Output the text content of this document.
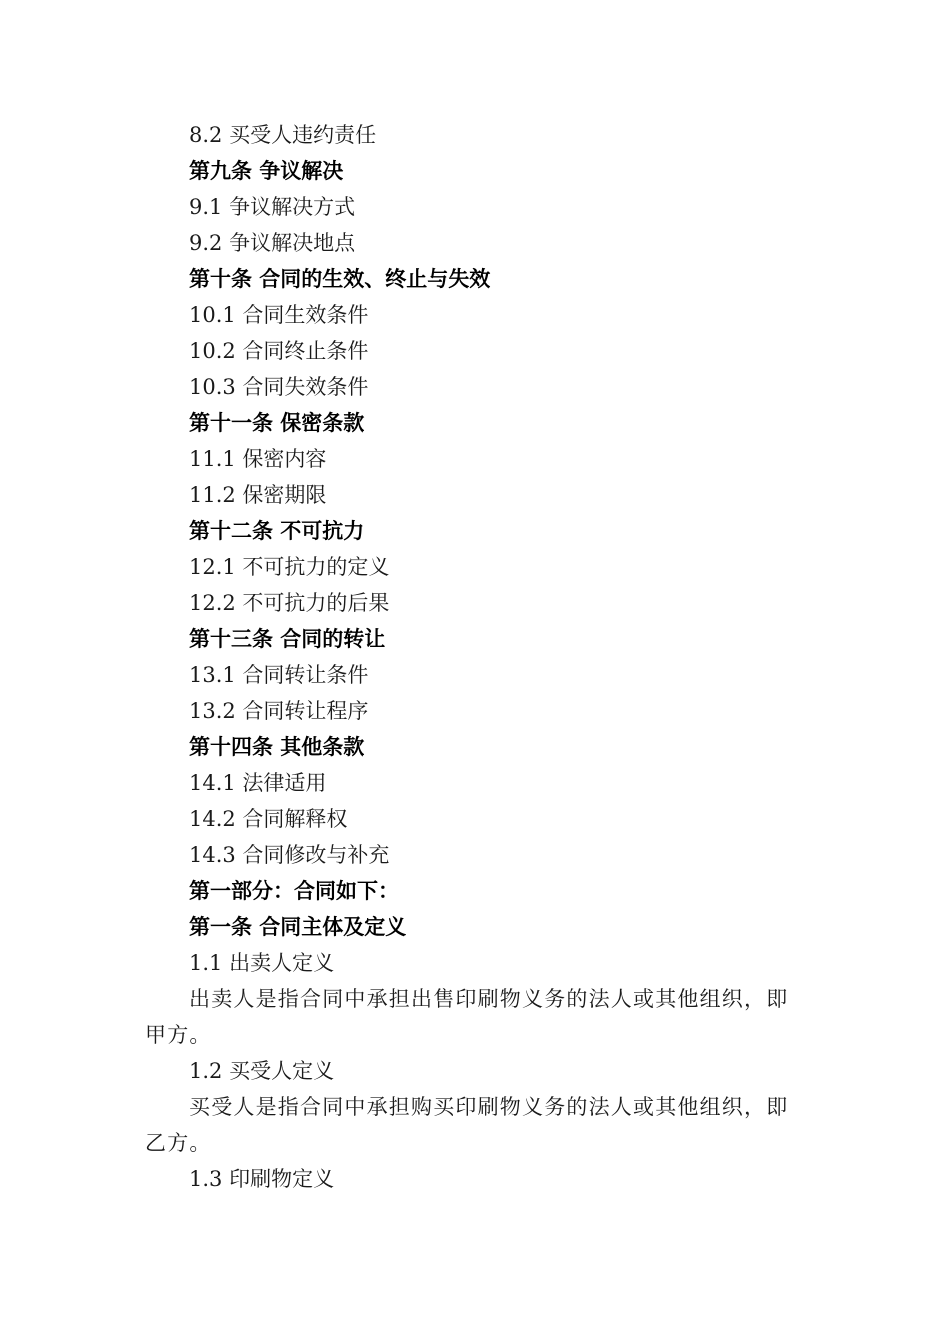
8.2 买受人违约责任
第九条 争议解决
9.1 争议解决方式
9.2 争议解决地点
第十条 合同的生效、终止与失效
10.1 合同生效条件
10.2 合同终止条件
10.3 合同失效条件
第十一条 保密条款
11.1 保密内容
11.2 保密期限
第十二条 不可抗力
12.1 不可抗力的定义
12.2 不可抗力的后果
第十三条 合同的转让
13.1 合同转让条件
13.2 合同转让程序
第十四条 其他条款
14.1 法律适用
14.2 合同解释权
14.3 合同修改与补充
第一部分：合同如下：
第一条 合同主体及定义
1.1 出卖人定义
出卖人是指合同中承担出售印刷物义务的法人或其他组织，即甲方。
1.2 买受人定义
买受人是指合同中承担购买印刷物义务的法人或其他组织，即乙方。
1.3 印刷物定义
